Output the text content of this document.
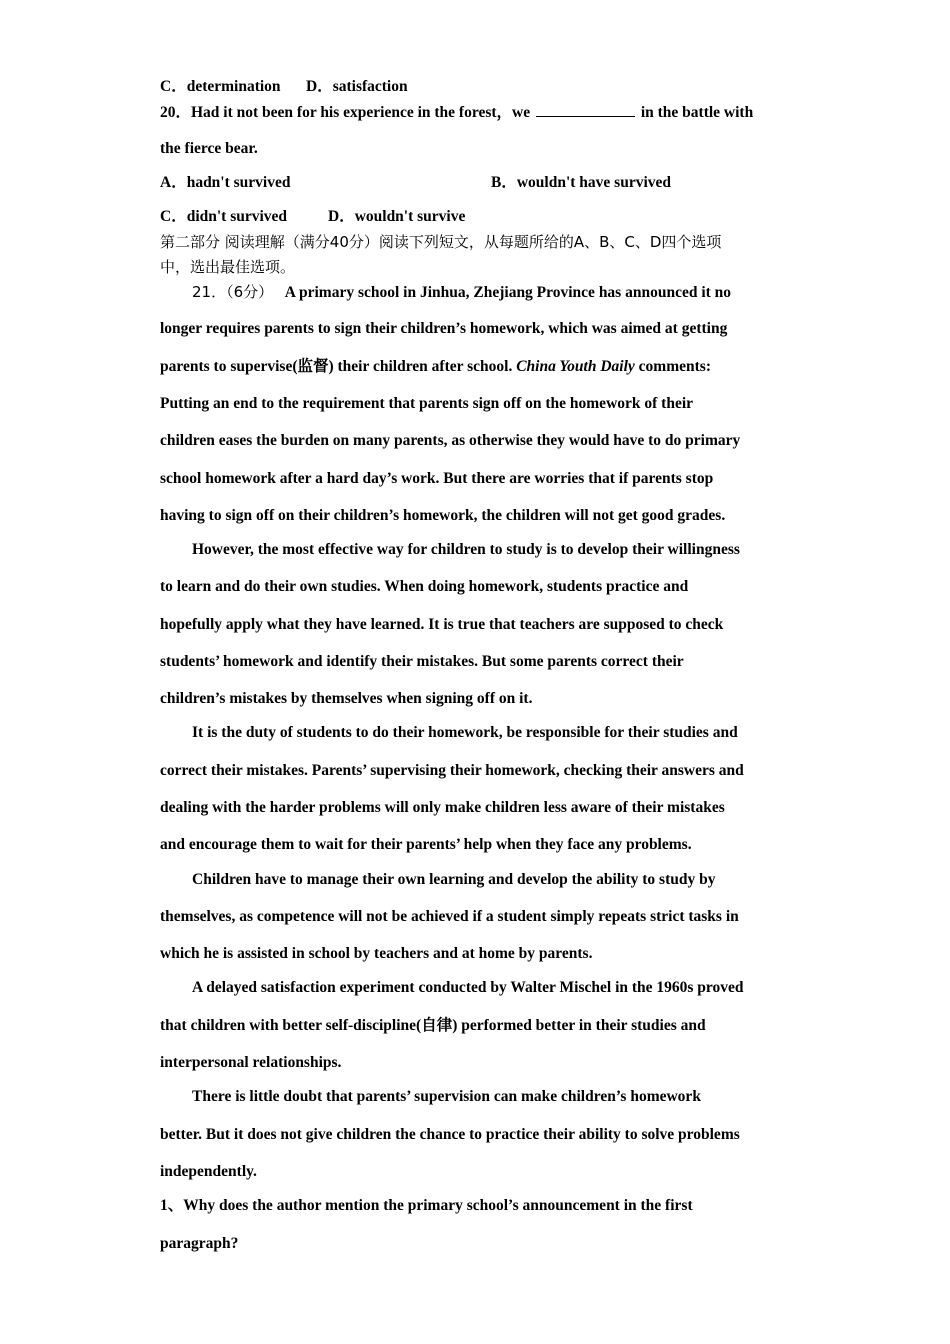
C．determination D．satisfaction
20．Had it not been for his experience in the forest，we	in the battle with
the fierce bear.
A．hadn't survived	B．wouldn't have survived
C．didn't survived	D．wouldn't survive
第二部分 阅读理解（满分40分）阅读下列短文，从每题所给的A、B、C、D四个选项
中，选出最佳选项。
21．（6分） A primary school in Jinhua, Zhejiang Province has announced it no
longer requires parents to sign their children’s homework, which was aimed at getting
parents to supervise(监督) their children after school. China Youth Daily comments:
Putting an end to the requirement that parents sign off on the homework of their
children eases the burden on many parents, as otherwise they would have to do primary
school homework after a hard day’s work. But there are worries that if parents stop
having to sign off on their children’s homework, the children will not get good grades.
However, the most effective way for children to study is to develop their willingness
to learn and do their own studies. When doing homework, students practice and
hopefully apply what they have learned. It is true that teachers are supposed to check
students’ homework and identify their mistakes. But some parents correct their
children’s mistakes by themselves when signing off on it.
It is the duty of students to do their homework, be responsible for their studies and
correct their mistakes. Parents’ supervising their homework, checking their answers and
dealing with the harder problems will only make children less aware of their mistakes
and encourage them to wait for their parents’ help when they face any problems.
Children have to manage their own learning and develop the ability to study by
themselves, as competence will not be achieved if a student simply repeats strict tasks in
which he is assisted in school by teachers and at home by parents.
A delayed satisfaction experiment conducted by Walter Mischel in the 1960s proved
that children with better self-discipline(自律) performed better in their studies and
interpersonal relationships.
There is little doubt that parents’ supervision can make children’s homework
better. But it does not give children the chance to practice their ability to solve problems
independently.
1、Why does the author mention the primary school’s announcement in the first
paragraph?
